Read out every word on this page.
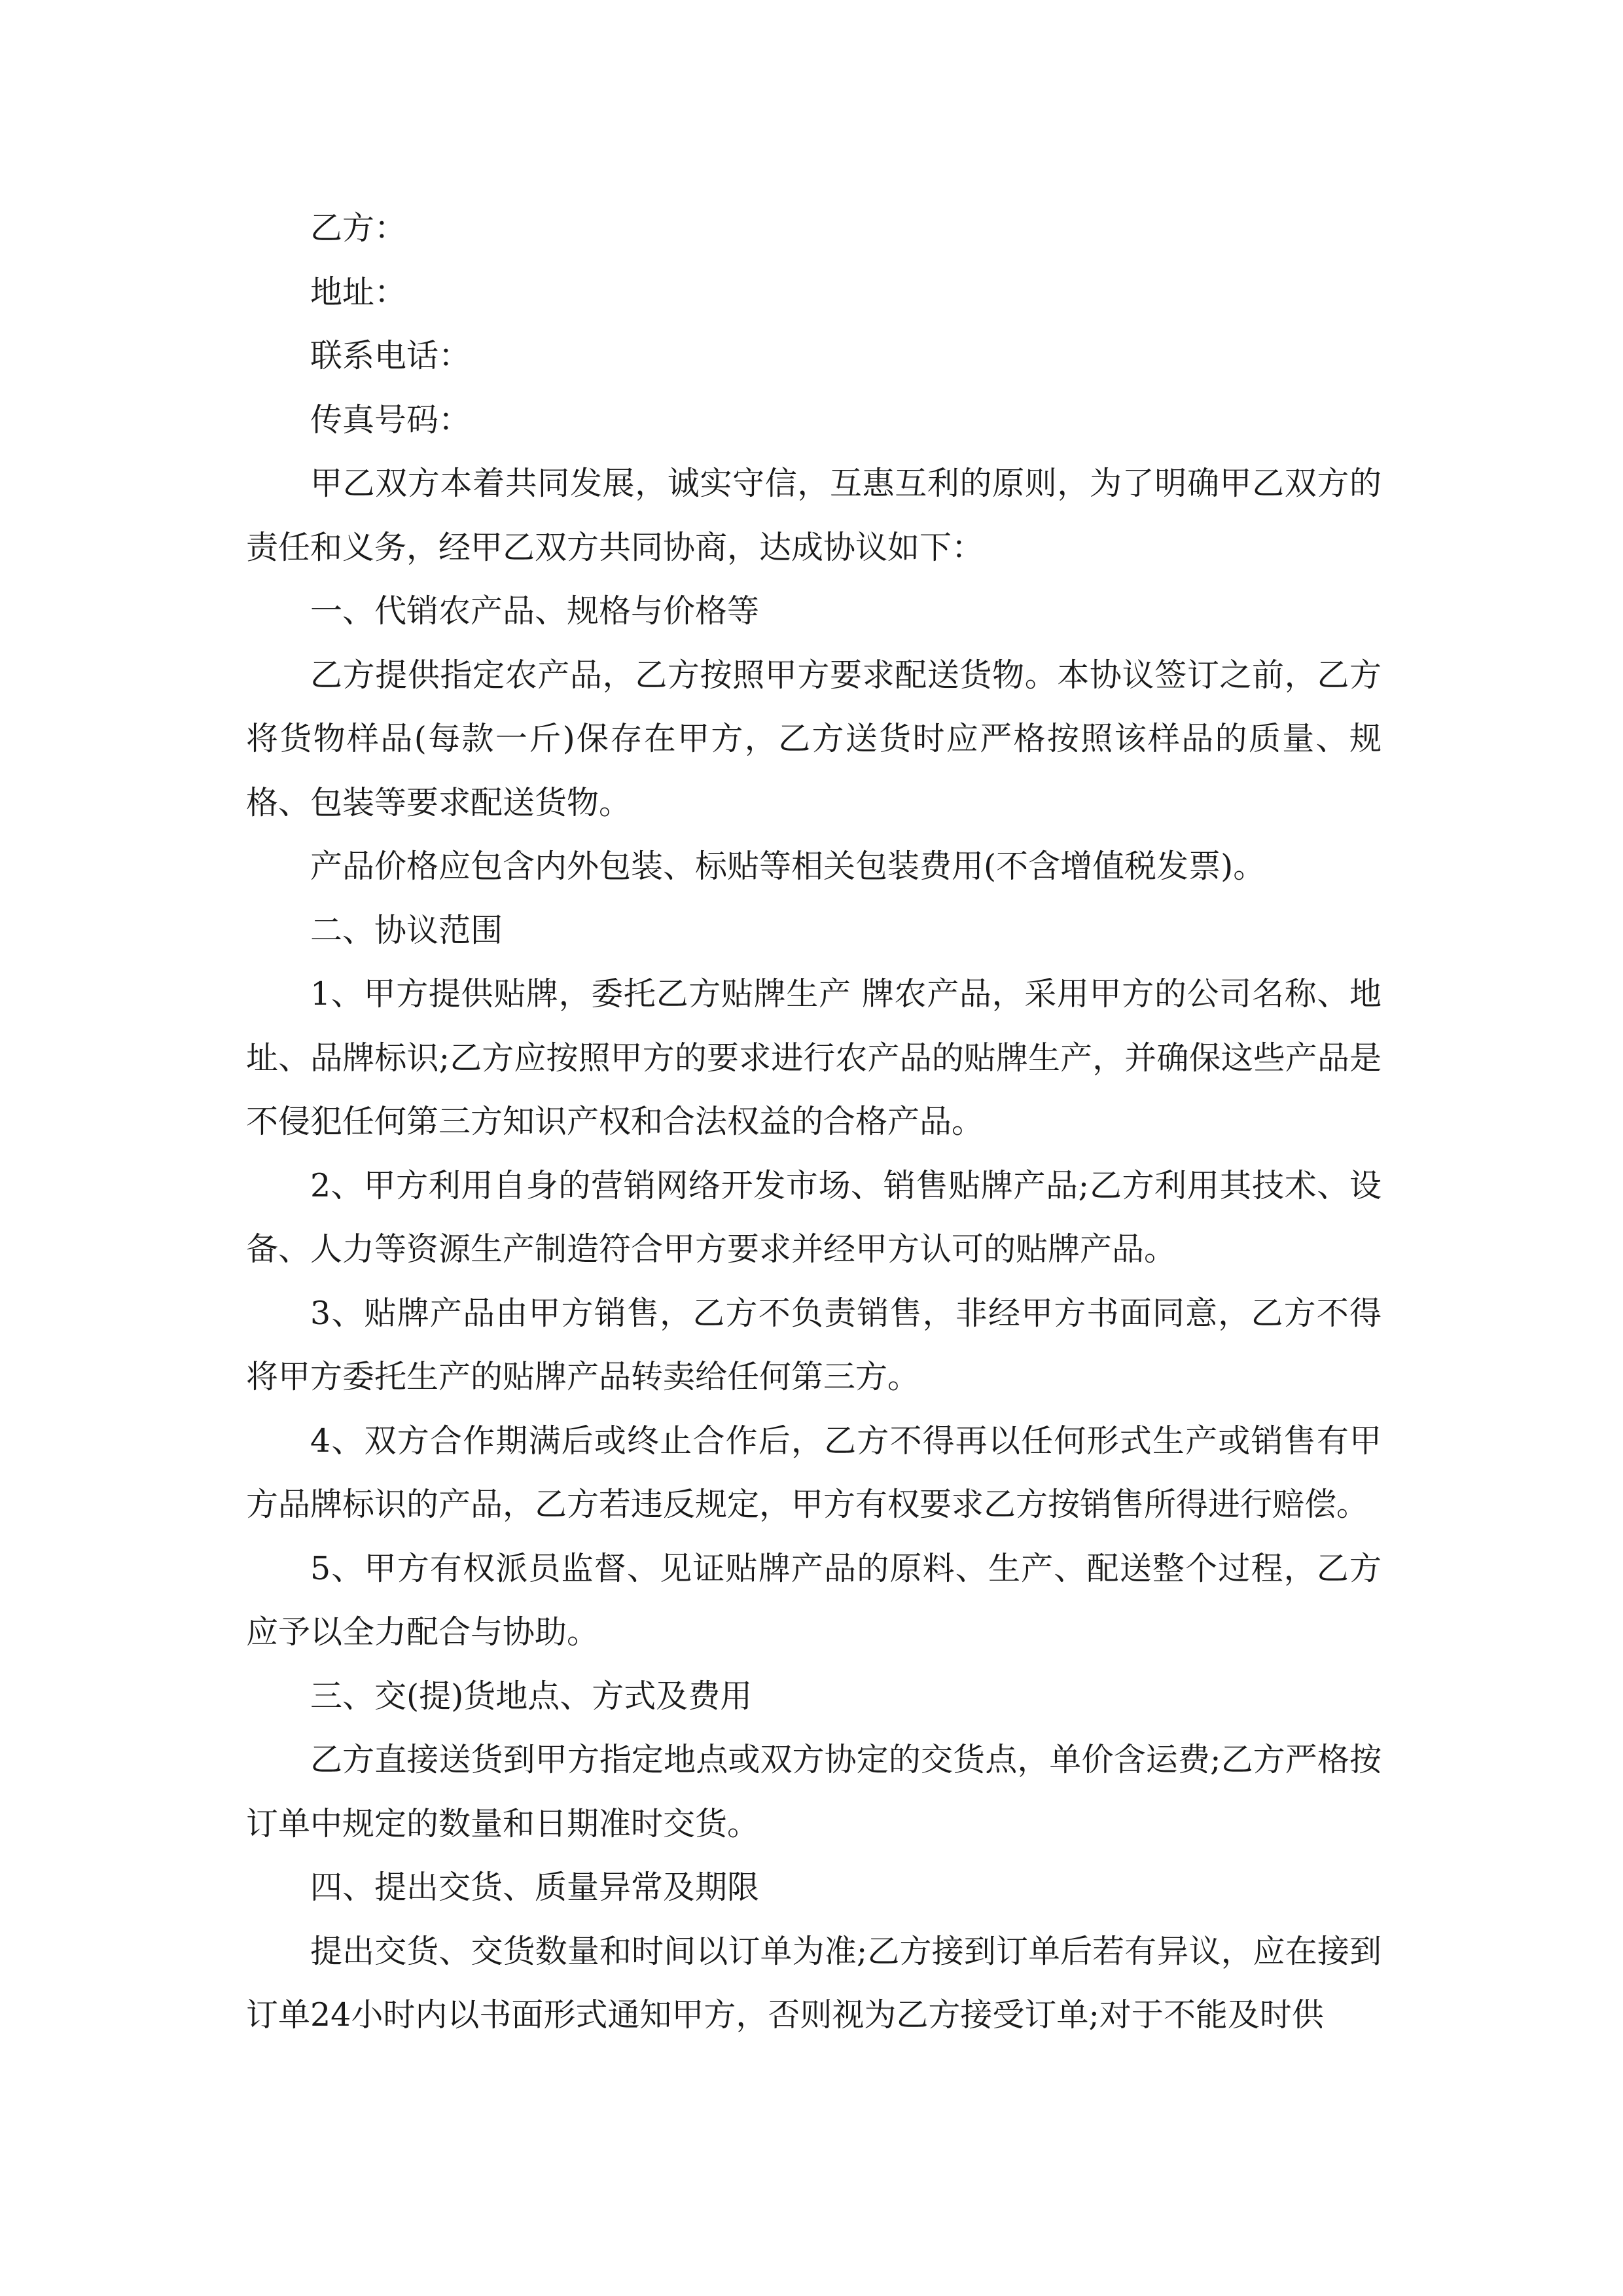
乙方：

地址：

联系电话：

传真号码：

甲乙双方本着共同发展，诚实守信，互惠互利的原则，为了明确甲乙双方的责任和义务，经甲乙双方共同协商，达成协议如下：

一、代销农产品、规格与价格等

乙方提供指定农产品，乙方按照甲方要求配送货物。本协议签订之前，乙方将货物样品(每款一斤)保存在甲方，乙方送货时应严格按照该样品的质量、规格、包装等要求配送货物。

产品价格应包含内外包装、标贴等相关包装费用(不含增值税发票)。

二、协议范围

1、甲方提供贴牌，委托乙方贴牌生产 牌农产品，采用甲方的公司名称、地址、品牌标识;乙方应按照甲方的要求进行农产品的贴牌生产，并确保这些产品是不侵犯任何第三方知识产权和合法权益的合格产品。

2、甲方利用自身的营销网络开发市场、销售贴牌产品;乙方利用其技术、设备、人力等资源生产制造符合甲方要求并经甲方认可的贴牌产品。

3、贴牌产品由甲方销售，乙方不负责销售，非经甲方书面同意，乙方不得将甲方委托生产的贴牌产品转卖给任何第三方。

4、双方合作期满后或终止合作后，乙方不得再以任何形式生产或销售有甲方品牌标识的产品，乙方若违反规定，甲方有权要求乙方按销售所得进行赔偿。

5、甲方有权派员监督、见证贴牌产品的原料、生产、配送整个过程，乙方应予以全力配合与协助。

三、交(提)货地点、方式及费用

乙方直接送货到甲方指定地点或双方协定的交货点，单价含运费;乙方严格按订单中规定的数量和日期准时交货。

四、提出交货、质量异常及期限

提出交货、交货数量和时间以订单为准;乙方接到订单后若有异议，应在接到订单24小时内以书面形式通知甲方，否则视为乙方接受订单;对于不能及时供
